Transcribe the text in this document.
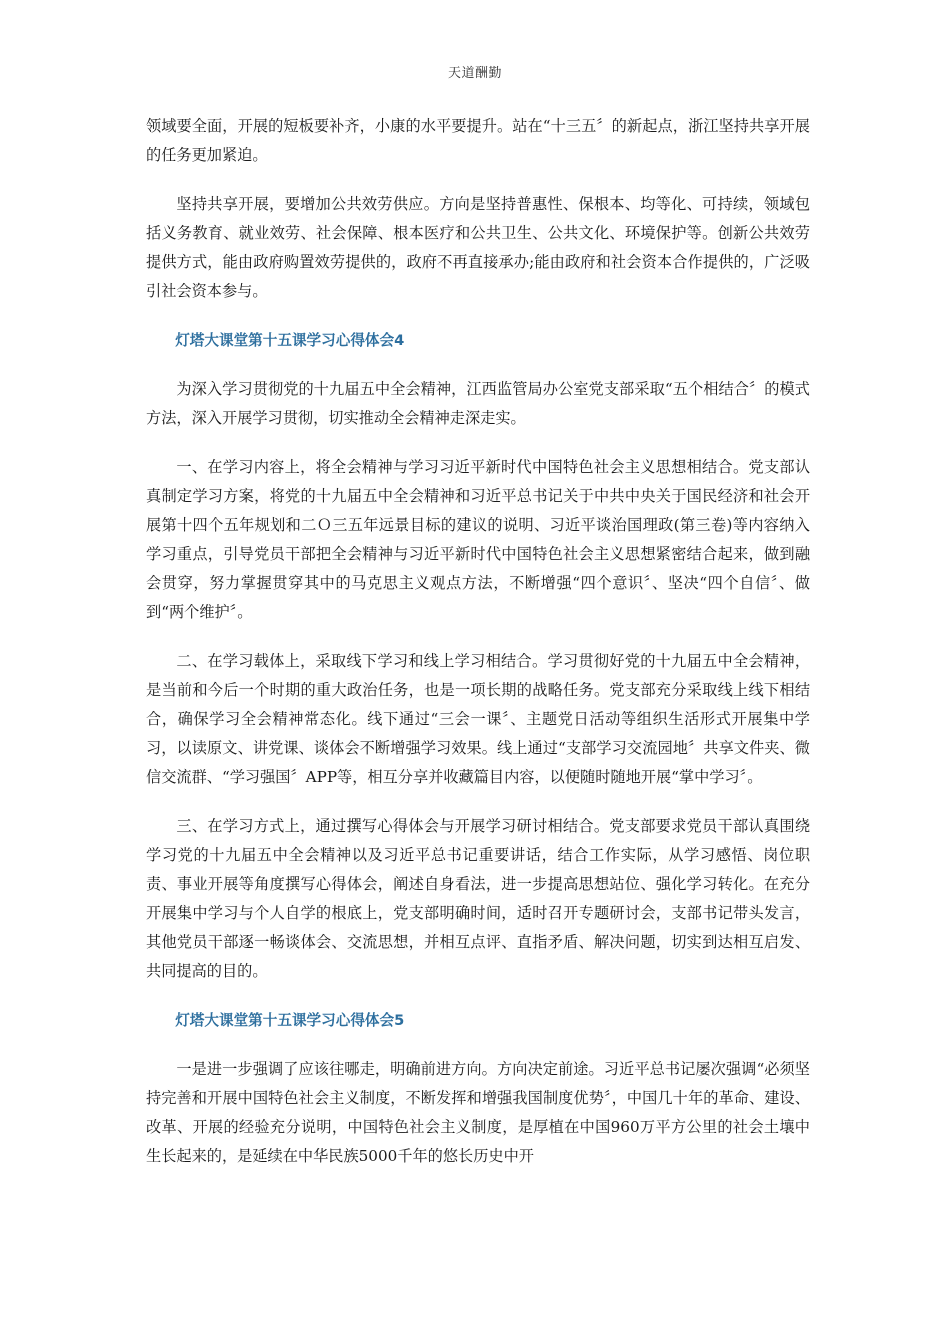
天道酬勤

领域要全面，开展的短板要补齐，小康的水平要提升。站在“十三五〞的新起点，浙江坚持共享开展的任务更加紧迫。

坚持共享开展，要增加公共效劳供应。方向是坚持普惠性、保根本、均等化、可持续，领域包括义务教育、就业效劳、社会保障、根本医疗和公共卫生、公共文化、环境保护等。创新公共效劳提供方式，能由政府购置效劳提供的，政府不再直接承办;能由政府和社会资本合作提供的，广泛吸引社会资本参与。

灯塔大课堂第十五课学习心得体会4

为深入学习贯彻党的十九届五中全会精神，江西监管局办公室党支部采取“五个相结合〞的模式方法，深入开展学习贯彻，切实推动全会精神走深走实。

一、在学习内容上，将全会精神与学习习近平新时代中国特色社会主义思想相结合。党支部认真制定学习方案，将党的十九届五中全会精神和习近平总书记关于中共中央关于国民经济和社会开展第十四个五年规划和二Ｏ三五年远景目标的建议的说明、习近平谈治国理政(第三卷)等内容纳入学习重点，引导党员干部把全会精神与习近平新时代中国特色社会主义思想紧密结合起来，做到融会贯穿，努力掌握贯穿其中的马克思主义观点方法，不断增强“四个意识〞、坚决“四个自信〞、做到“两个维护〞。

二、在学习载体上，采取线下学习和线上学习相结合。学习贯彻好党的十九届五中全会精神，是当前和今后一个时期的重大政治任务，也是一项长期的战略任务。党支部充分采取线上线下相结合，确保学习全会精神常态化。线下通过“三会一课〞、主题党日活动等组织生活形式开展集中学习，以读原文、讲党课、谈体会不断增强学习效果。线上通过“支部学习交流园地〞共享文件夹、微信交流群、“学习强国〞APP等，相互分享并收藏篇目内容，以便随时随地开展“掌中学习〞。

三、在学习方式上，通过撰写心得体会与开展学习研讨相结合。党支部要求党员干部认真围绕学习党的十九届五中全会精神以及习近平总书记重要讲话，结合工作实际，从学习感悟、岗位职责、事业开展等角度撰写心得体会，阐述自身看法，进一步提高思想站位、强化学习转化。在充分开展集中学习与个人自学的根底上，党支部明确时间，适时召开专题研讨会，支部书记带头发言，其他党员干部逐一畅谈体会、交流思想，并相互点评、直指矛盾、解决问题，切实到达相互启发、共同提高的目的。

灯塔大课堂第十五课学习心得体会5

一是进一步强调了应该往哪走，明确前进方向。方向决定前途。习近平总书记屡次强调“必须坚持完善和开展中国特色社会主义制度，不断发挥和增强我国制度优势〞，中国几十年的革命、建设、改革、开展的经验充分说明，中国特色社会主义制度，是厚植在中国960万平方公里的社会土壤中生长起来的，是延续在中华民族5000千年的悠长历史中开
